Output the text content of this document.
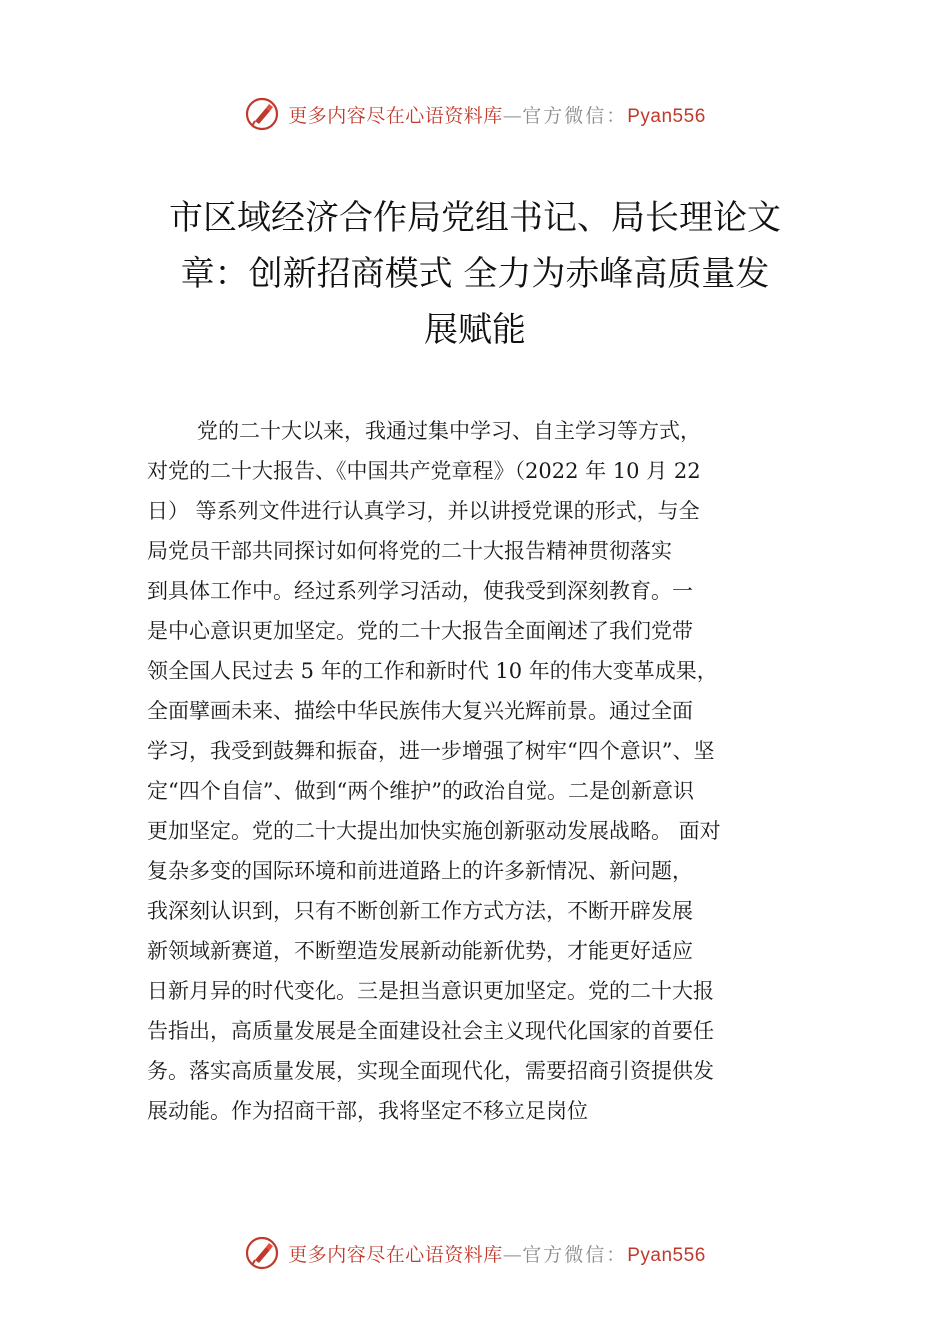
更多内容尽在心语资料库—官方微信：Pyan556
市区域经济合作局党组书记、局长理论文
章：创新招商模式 全力为赤峰高质量发
展赋能
党的二十大以来，我通过集中学习、自主学习等方式，
对党的二十大报告、《中国共产党章程》（2022 年 10 月 22
日） 等系列文件进行认真学习，并以讲授党课的形式，与全
局党员干部共同探讨如何将党的二十大报告精神贯彻落实
到具体工作中。经过系列学习活动，使我受到深刻教育。一
是中心意识更加坚定。党的二十大报告全面阐述了我们党带
领全国人民过去 5 年的工作和新时代 10 年的伟大变革成果，
全面擘画未来、描绘中华民族伟大复兴光辉前景。通过全面
学习，我受到鼓舞和振奋，进一步增强了树牢“四个意识”、坚
定“四个自信”、做到“两个维护”的政治自觉。二是创新意识
更加坚定。党的二十大提出加快实施创新驱动发展战略。 面对
复杂多变的国际环境和前进道路上的许多新情况、新问题，
我深刻认识到，只有不断创新工作方式方法，不断开辟发展
新领域新赛道，不断塑造发展新动能新优势，才能更好适应
日新月异的时代变化。三是担当意识更加坚定。党的二十大报
告指出，高质量发展是全面建设社会主义现代化国家的首要任
务。落实高质量发展，实现全面现代化，需要招商引资提供发
展动能。作为招商干部，我将坚定不移立足岗位
更多内容尽在心语资料库—官方微信：Pyan556
